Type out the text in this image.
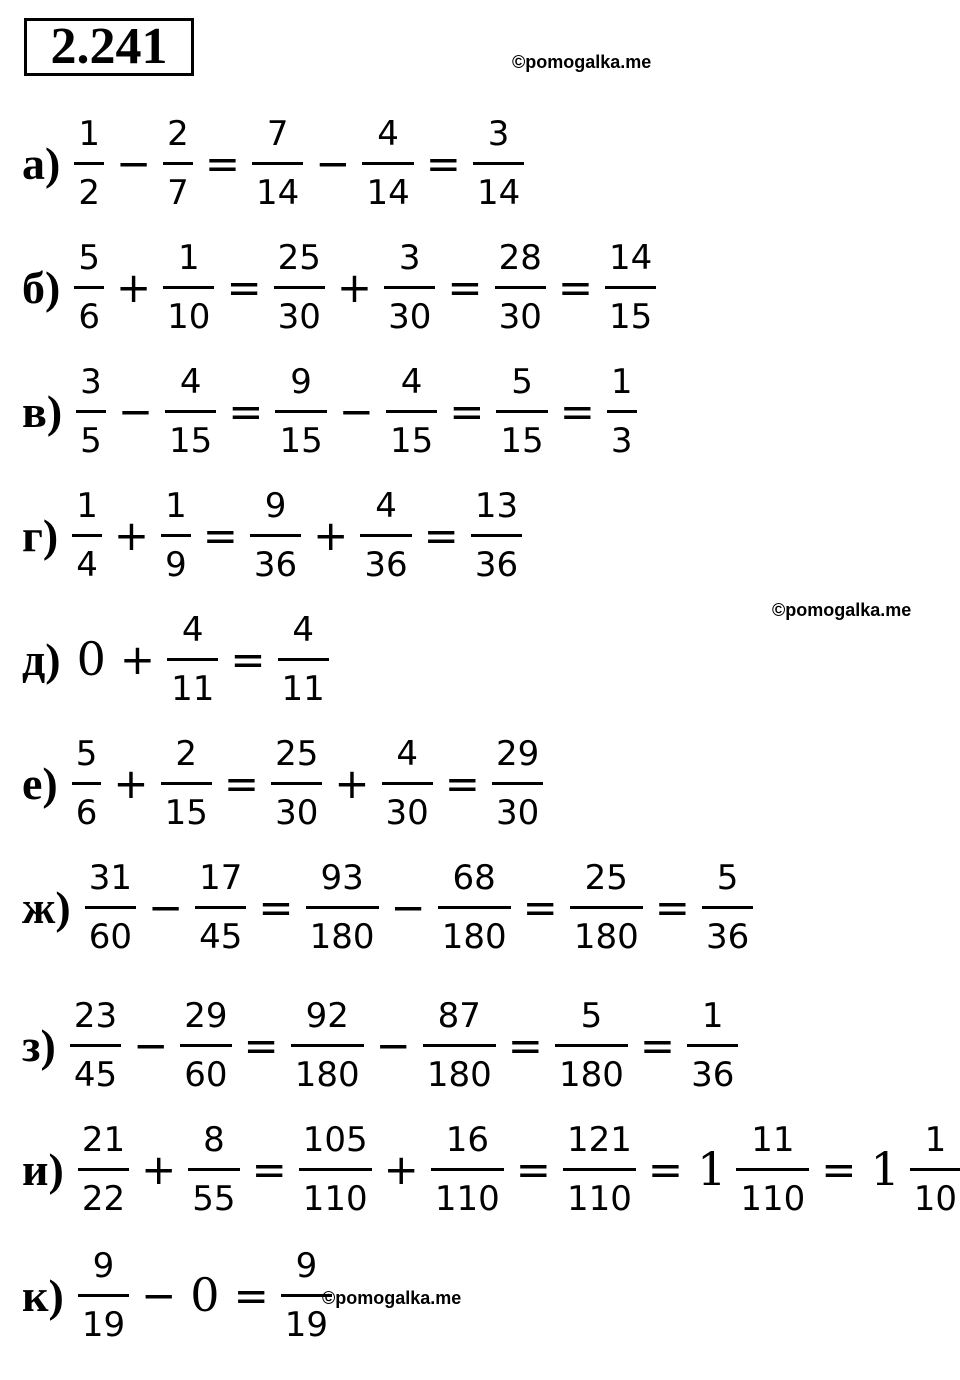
2.241	©pomogalka.me
©pomogalka.me
©pomogalka.me
$а) \frac{1}{2} - \frac{2}{7} = \frac{7}{14} - \frac{4}{14} = \frac{3}{14}$
$б) \frac{5}{6} + \frac{1}{10} = \frac{25}{30} + \frac{3}{30} = \frac{28}{30} = \frac{14}{15}$
$в) \frac{3}{5} - \frac{4}{15} = \frac{9}{15} - \frac{4}{15} = \frac{5}{15} = \frac{1}{3}$
$г) \frac{1}{4} + \frac{1}{9} = \frac{9}{36} + \frac{4}{36} = \frac{13}{36}$
д) $0 + \frac{4}{11} = \frac{4}{11}$
$е) \frac{5}{6} + \frac{2}{15} = \frac{25}{30} + \frac{4}{30} = \frac{29}{30}$
$ж) \frac{31}{60} - \frac{17}{45} = \frac{93}{180} - \frac{68}{180} = \frac{25}{180} = \frac{5}{36}$
$з) \frac{23}{45} - \frac{29}{60} = \frac{92}{180} - \frac{87}{180} = \frac{5}{180} = \frac{1}{36}$
$и) \frac{21}{22} + \frac{8}{55} = \frac{105}{110} + \frac{16}{110} = \frac{121}{110} = 1 \frac{11}{110} = 1 \frac{1}{10}$
$к) \frac{9}{19} - 0 = \frac{9}{19}$
